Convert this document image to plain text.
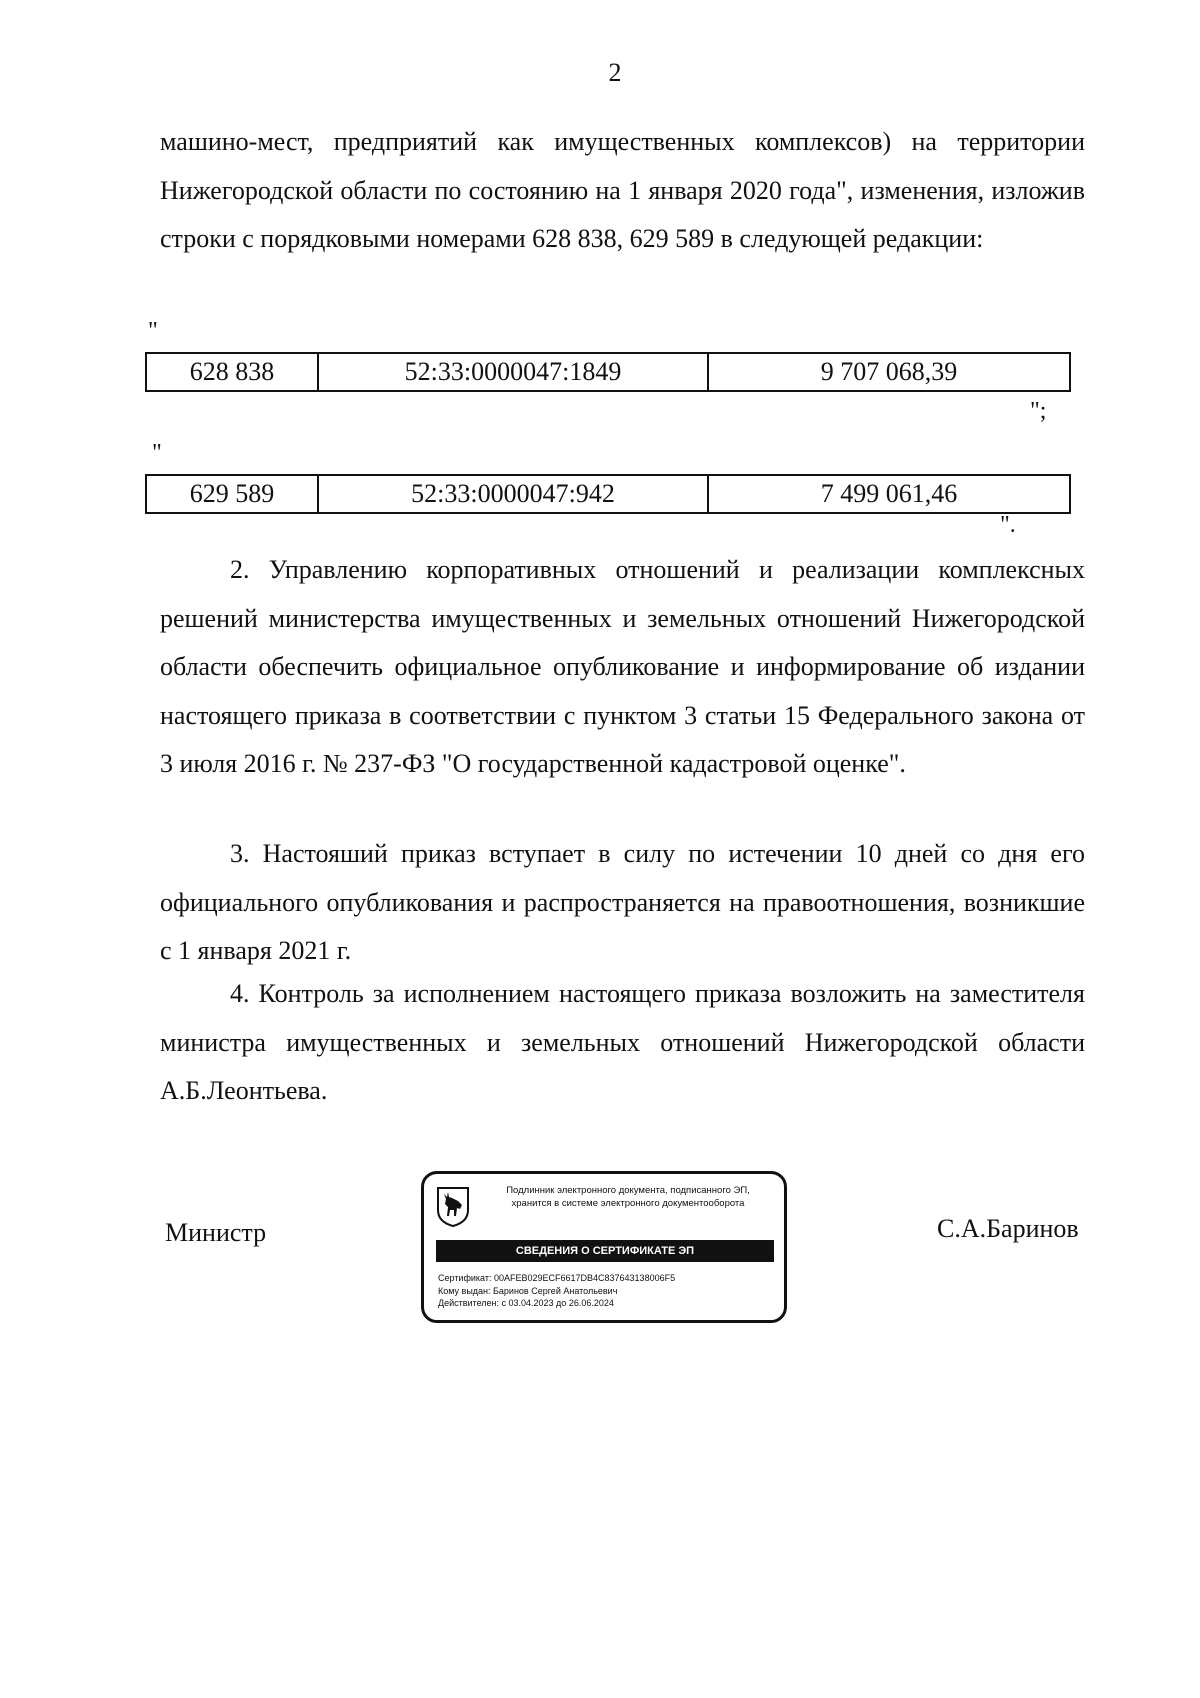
2
машино-мест, предприятий как имущественных комплексов) на территории Нижегородской области по состоянию на 1 января 2020 года", изменения, изложив строки с порядковыми номерами 628 838, 629 589 в следующей редакции:
"
628 838	52:33:0000047:1849	9 707 068,39
";
"
629 589	52:33:0000047:942	7 499 061,46
".
2. Управлению корпоративных отношений и реализации комплексных решений министерства имущественных и земельных отношений Нижегородской области обеспечить официальное опубликование и информирование об издании настоящего приказа в соответствии с пунктом 3 статьи 15 Федерального закона от 3 июля 2016 г. № 237-ФЗ "О государственной кадастровой оценке".
3. Настояший приказ вступает в силу по истечении 10 дней со дня его официального опубликования и распространяется на правоотношения, возникшие с 1 января 2021 г.
4. Контроль за исполнением настоящего приказа возложить на заместителя министра имущественных и земельных отношений Нижегородской области А.Б.Леонтьева.
Министр
Подлинник электронного документа, подписанного ЭП,
хранится в системе электронного документооборота
СВЕДЕНИЯ О СЕРТИФИКАТЕ ЭП
Сертификат: 00AFEB029ECF6617DB4C8376431380​06F5
Кому выдан: Баринов Сергей Анатольевич
Действителен: с 03.04.2023 до 26.06.2024
С.А.Баринов
